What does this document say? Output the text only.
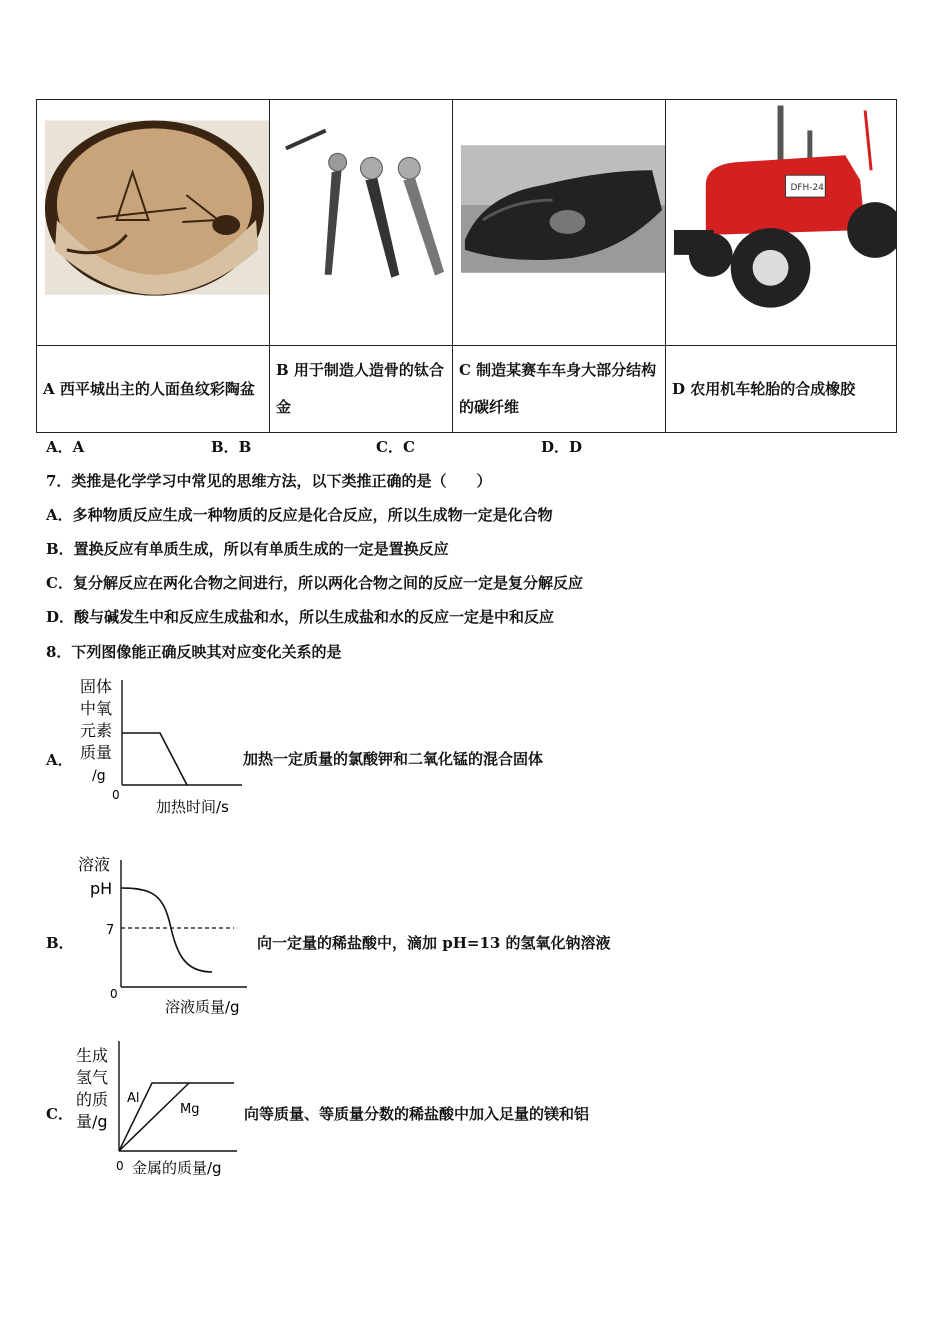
DFH-24

A 西平城出主的人面鱼纹彩陶盆	B 用于制造人造骨的钛合金	C 制造某赛车车身大部分结构的碳纤维	D 农用机车轮胎的合成橡胶
A．A	B．B	C．C	D．D
7．类推是化学学习中常见的思维方法，以下类推正确的是（　　）
A．多种物质反应生成一种物质的反应是化合反应，所以生成物一定是化合物
B．置换反应有单质生成，所以有单质生成的一定是置换反应
C．复分解反应在两化合物之间进行，所以两化合物之间的反应一定是复分解反应
D．酸与碱发生中和反应生成盐和水，所以生成盐和水的反应一定是中和反应
8．下列图像能正确反映其对应变化关系的是
A．
固体
中氧
元素
质量
/g
0
加热时间/s
加热一定质量的氯酸钾和二氧化锰的混合固体
B．
溶液
pH
7
0
溶液质量/g
向一定量的稀盐酸中，滴加 pH=13 的氢氧化钠溶液
C．
生成
氢气
的质
量/g
Al
Mg
0 金属的质量/g
向等质量、等质量分数的稀盐酸中加入足量的镁和铝
